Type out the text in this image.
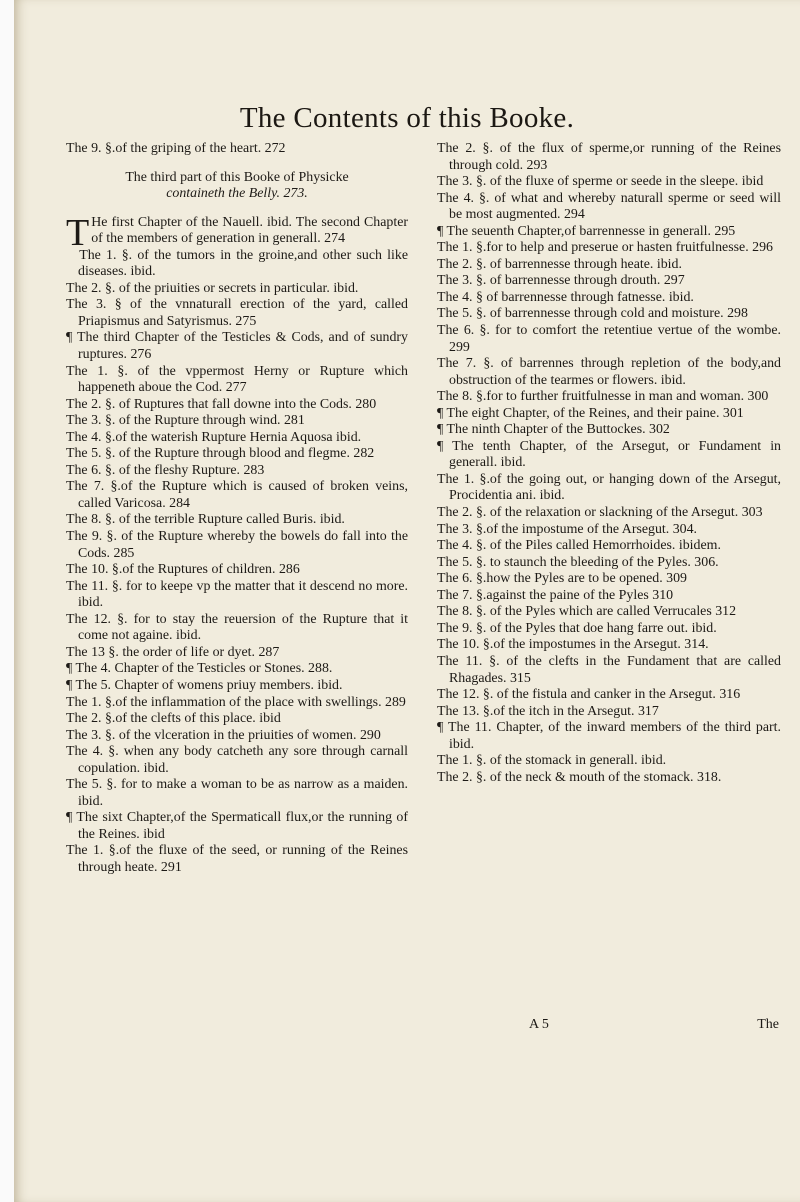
The Contents of this Booke.
The 9. §.of the griping of the heart. 272
The third part of this Booke of Physicke
containeth the Belly. 273.
THe first Chapter of the Nauell. ibid. The second Chapter of the members of generation in generall. 274
The 1. §. of the tumors in the groine,and other such like diseases. ibid.
The 2. §. of the priuities or secrets in particular. ibid.
The 3. § of the vnnaturall erection of the yard, called Priapismus and Satyrismus. 275
¶ The third Chapter of the Testicles & Cods, and of sundry ruptures. 276
The 1. §. of the vppermost Herny or Rupture which happeneth aboue the Cod. 277
The 2. §. of Ruptures that fall downe into the Cods. 280
The 3. §. of the Rupture through wind. 281
The 4. §.of the waterish Rupture Hernia Aquosa ibid.
The 5. §. of the Rupture through blood and flegme. 282
The 6. §. of the fleshy Rupture. 283
The 7. §.of the Rupture which is caused of broken veins, called Varicosa. 284
The 8. §. of the terrible Rupture called Buris. ibid.
The 9. §. of the Rupture whereby the bowels do fall into the Cods. 285
The 10. §.of the Ruptures of children. 286
The 11. §. for to keepe vp the matter that it descend no more. ibid.
The 12. §. for to stay the reuersion of the Rupture that it come not againe. ibid.
The 13 §. the order of life or dyet. 287
¶ The 4. Chapter of the Testicles or Stones. 288.
¶ The 5. Chapter of womens priuy members. ibid.
The 1. §.of the inflammation of the place with swellings. 289
The 2. §.of the clefts of this place. ibid
The 3. §. of the vlceration in the priuities of women. 290
The 4. §. when any body catcheth any sore through carnall copulation. ibid.
The 5. §. for to make a woman to be as narrow as a maiden. ibid.
¶ The sixt Chapter,of the Spermaticall flux,or the running of the Reines. ibid
The 1. §.of the fluxe of the seed, or running of the Reines through heate. 291
The 2. §. of the flux of sperme,or running of the Reines through cold. 293
The 3. §. of the fluxe of sperme or seede in the sleepe. ibid
The 4. §. of what and whereby naturall sperme or seed will be most augmented. 294
¶ The seuenth Chapter,of barrennesse in generall. 295
The 1. §.for to help and preserue or hasten fruitfulnesse. 296
The 2. §. of barrennesse through heate. ibid.
The 3. §. of barrennesse through drouth. 297
The 4. § of barrennesse through fatnesse. ibid.
The 5. §. of barrennesse through cold and moisture. 298
The 6. §. for to comfort the retentiue vertue of the wombe. 299
The 7. §. of barrennes through repletion of the body,and obstruction of the tearmes or flowers. ibid.
The 8. §.for to further fruitfulnesse in man and woman. 300
¶ The eight Chapter, of the Reines, and their paine. 301
¶ The ninth Chapter of the Buttockes. 302
¶ The tenth Chapter, of the Arsegut, or Fundament in generall. ibid.
The 1. §.of the going out, or hanging down of the Arsegut, Procidentia ani. ibid.
The 2. §. of the relaxation or slackning of the Arsegut. 303
The 3. §.of the impostume of the Arsegut. 304.
The 4. §. of the Piles called Hemorrhoides. ibidem.
The 5. §. to staunch the bleeding of the Pyles. 306.
The 6. §.how the Pyles are to be opened. 309
The 7. §.against the paine of the Pyles 310
The 8. §. of the Pyles which are called Verrucales 312
The 9. §. of the Pyles that doe hang farre out. ibid.
The 10. §.of the impostumes in the Arsegut. 314.
The 11. §. of the clefts in the Fundament that are called Rhagades. 315
The 12. §. of the fistula and canker in the Arsegut. 316
The 13. §.of the itch in the Arsegut. 317
¶ The 11. Chapter, of the inward members of the third part. ibid.
The 1. §. of the stomack in generall. ibid.
The 2. §. of the neck & mouth of the stomack. 318.
A 5	The
